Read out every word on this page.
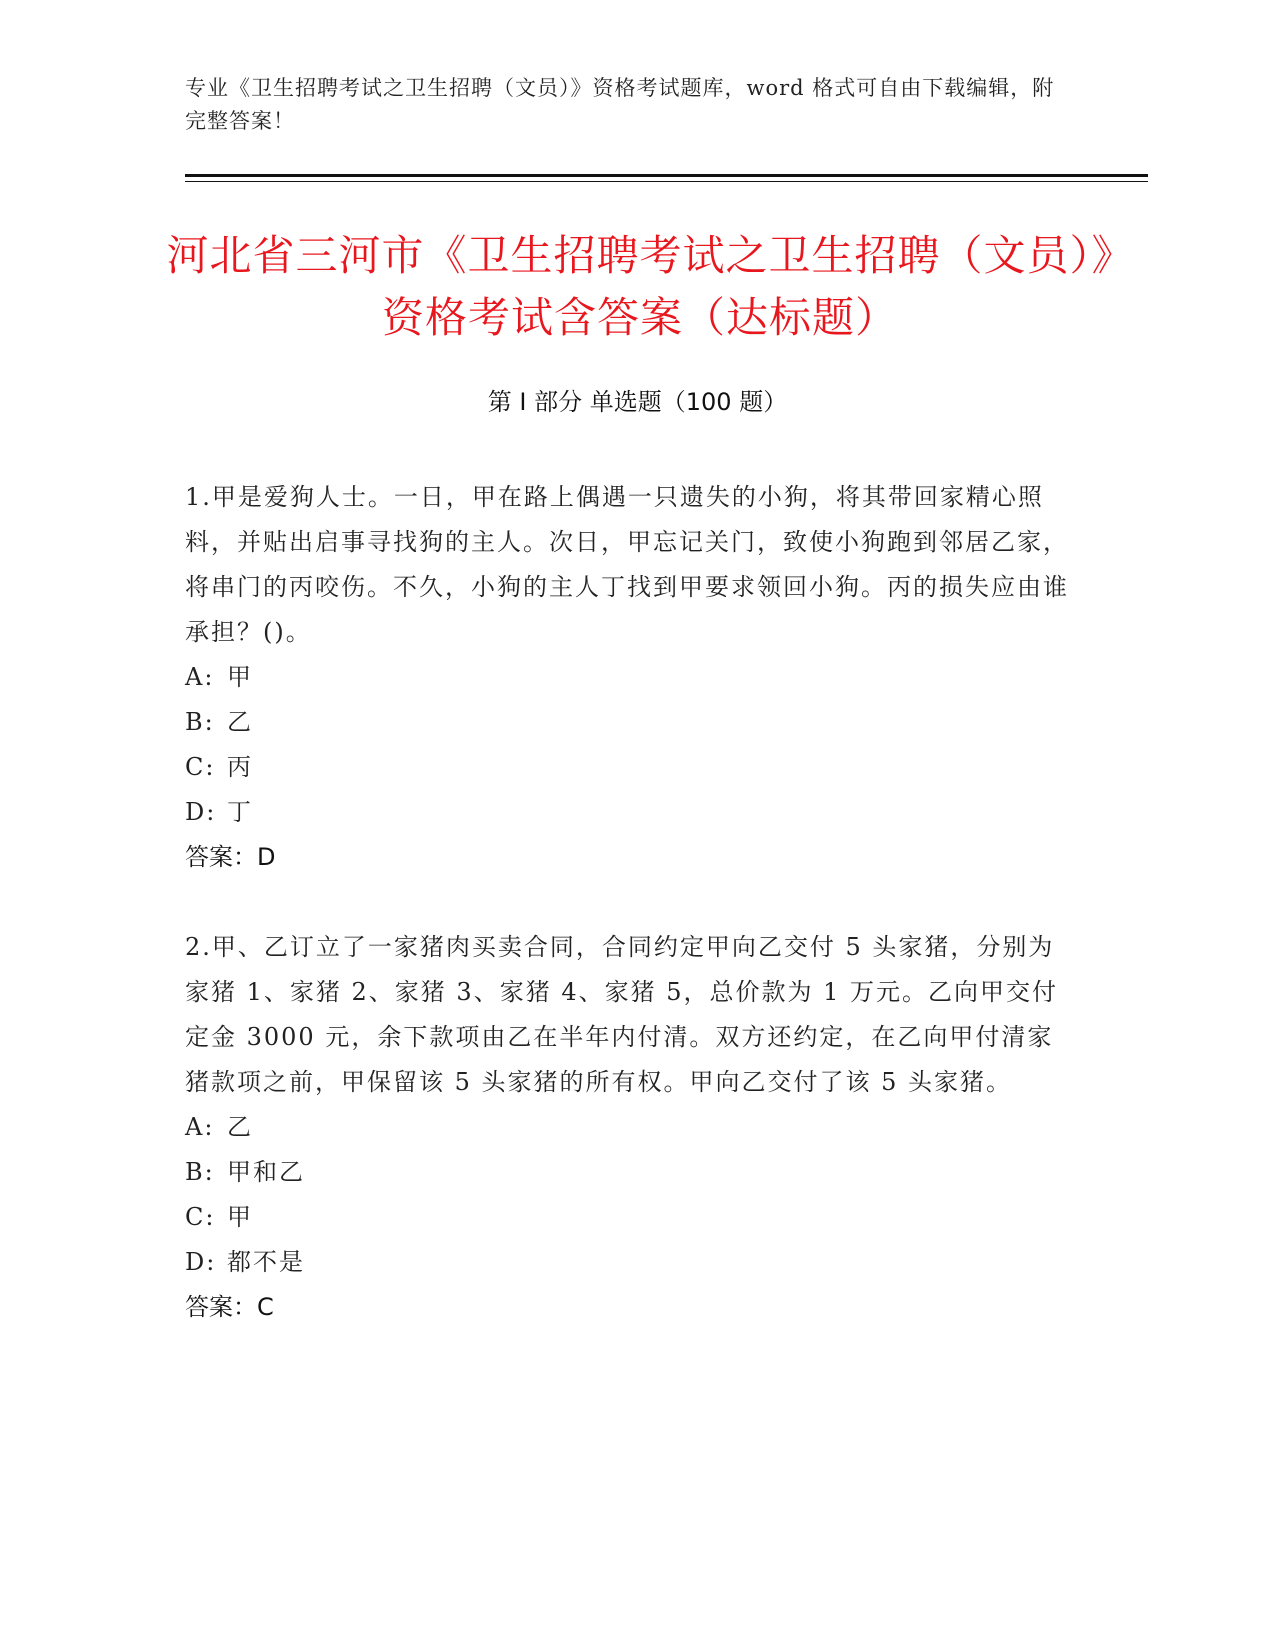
专业《卫生招聘考试之卫生招聘（文员）》资格考试题库，word 格式可自由下载编辑，附完整答案！
河北省三河市《卫生招聘考试之卫生招聘（文员）》资格考试含答案（达标题）
第 I 部分 单选题（100 题）

1.甲是爱狗人士。一日，甲在路上偶遇一只遗失的小狗，将其带回家精心照料，并贴出启事寻找狗的主人。次日，甲忘记关门，致使小狗跑到邻居乙家，将串门的丙咬伤。不久，小狗的主人丁找到甲要求领回小狗。丙的损失应由谁承担？()。

A: 甲

B: 乙

C: 丙

D: 丁

答案：D

2.甲、乙订立了一家猪肉买卖合同，合同约定甲向乙交付 5 头家猪，分别为家猪 1、家猪 2、家猪 3、家猪 4、家猪 5，总价款为 1 万元。乙向甲交付定金 3000 元，余下款项由乙在半年内付清。双方还约定，在乙向甲付清家猪款项之前，甲保留该 5 头家猪的所有权。甲向乙交付了该 5 头家猪。

A: 乙

B: 甲和乙

C: 甲

D: 都不是

答案：C
